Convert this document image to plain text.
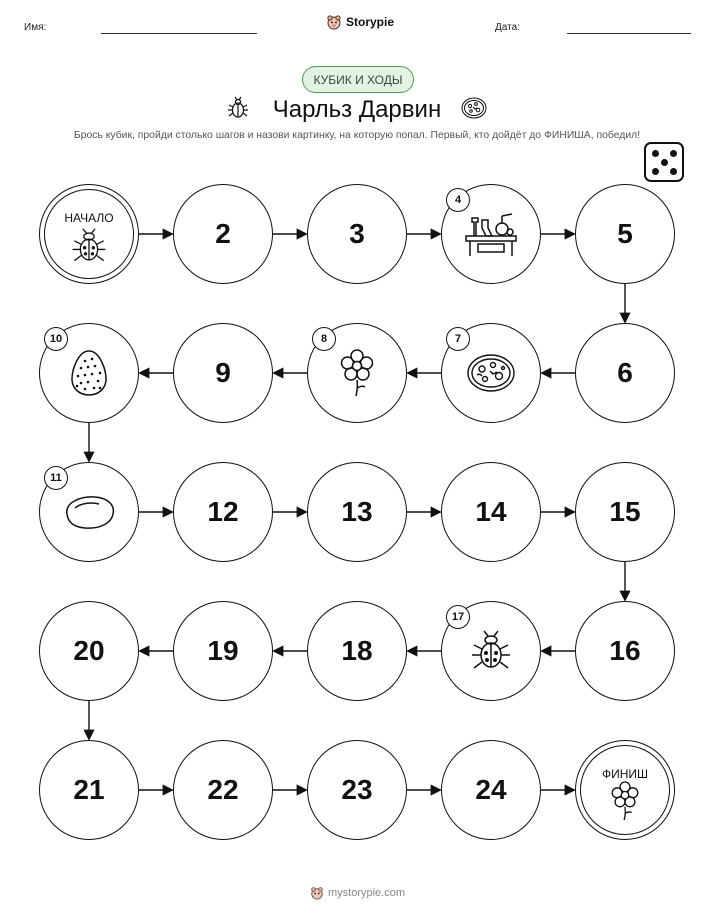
Имя:	Storypie	Дата:
КУБИК И ХОДЫ
Чарльз Дарвин
Брось кубик, пройди столько шагов и назови картинку, на которую попал. Первый, кто дойдёт до ФИНИША, победил!
НАЧАЛО	2	3
4
5
6
7
8
9
10
11
12	13	14	15
16
17
18
19
20
21	22	23	24	ФИНИШ
mystorypie.com
